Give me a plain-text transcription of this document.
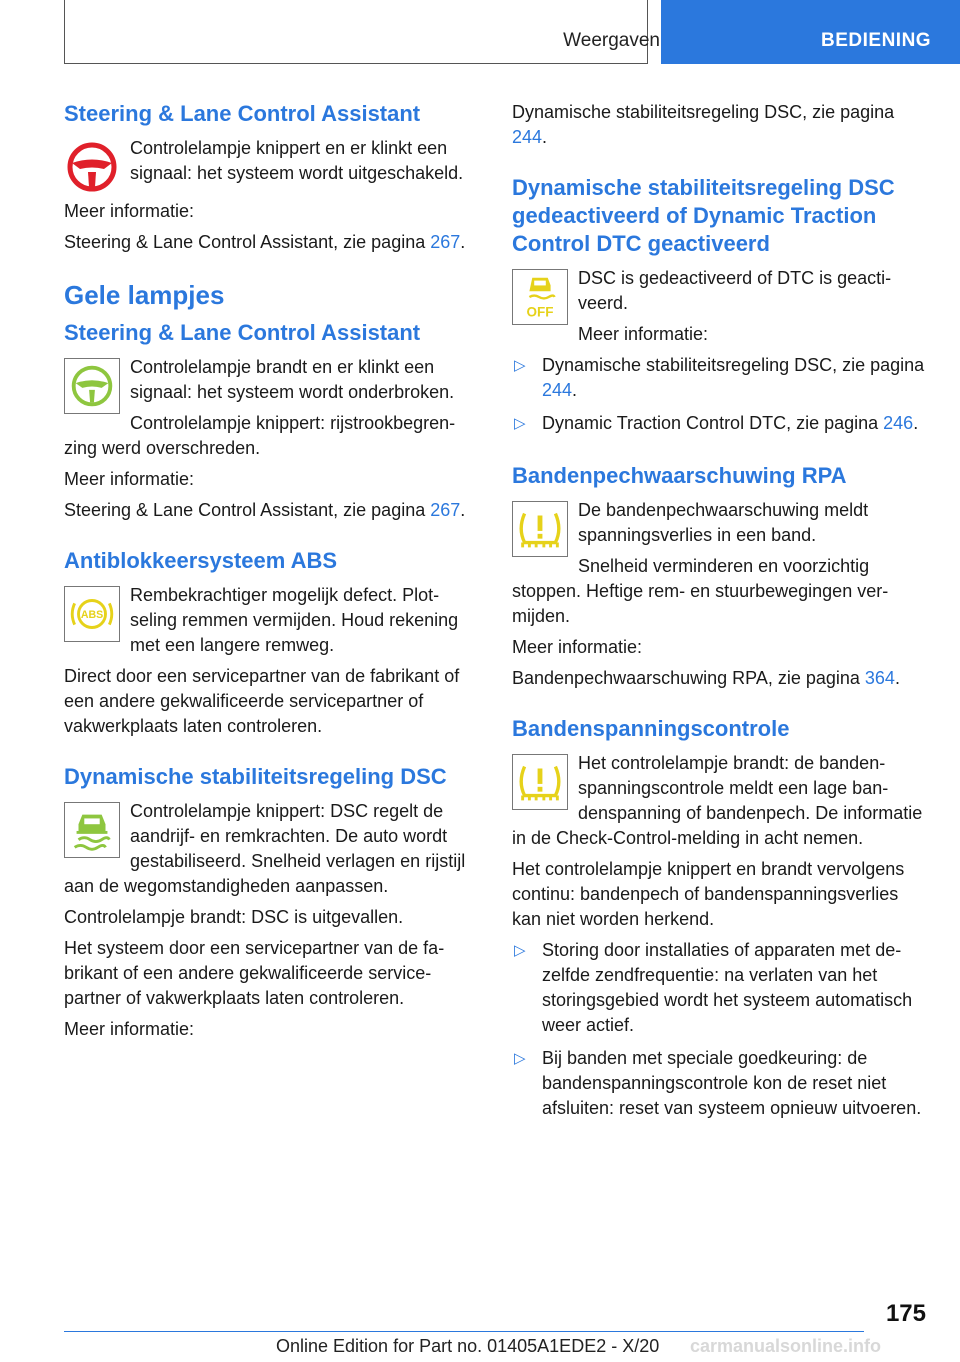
Weergaven	BEDIENING
Steering & Lane Control Assistant

Controlelampje knippert en er klinkt een signaal: het systeem wordt uitgeschakeld.

Meer informatie:

Steering & Lane Control Assistant, zie pagina 267.

Gele lampjes
Steering & Lane Control Assistant

Controlelampje brandt en er klinkt een signaal: het systeem wordt onderbroken.

Controlelampje knippert: rijstrookbegrenzing werd overschreden.

Meer informatie:

Steering & Lane Control Assistant, zie pagina 267.

Antiblokkeersysteem ABS
ABS

Rembekrachtiger mogelijk defect. Plotseling remmen vermijden. Houd rekening met een langere remweg.

Direct door een servicepartner van de fabrikant of een andere gekwalificeerde servicepartner of vakwerkplaats laten controleren.

Dynamische stabiliteitsregeling DSC

Controlelampje knippert: DSC regelt de aandrijf- en remkrachten. De auto wordt gestabiliseerd. Snelheid verlagen en rijstijl aan de wegomstandigheden aanpassen.

Controlelampje brandt: DSC is uitgevallen.

Het systeem door een servicepartner van de fabrikant of een andere gekwalificeerde servicepartner of vakwerkplaats laten controleren.

Meer informatie:

Dynamische stabiliteitsregeling DSC, zie pagina 244.

Dynamische stabiliteitsregeling DSC gedeactiveerd of Dynamic Traction Control DTC geactiveerd
OFF

DSC is gedeactiveerd of DTC is geactiveerd.

Meer informatie:

▷ Dynamische stabiliteitsregeling DSC, zie pagina 244.
▷ Dynamic Traction Control DTC, zie pagina 246.
Bandenpechwaarschuwing RPA

De bandenpechwaarschuwing meldt spanningsverlies in een band.

Snelheid verminderen en voorzichtig stoppen. Heftige rem- en stuurbewegingen vermijden.

Meer informatie:

Bandenpechwaarschuwing RPA, zie pagina 364.

Bandenspanningscontrole

Het controlelampje brandt: de bandenspanningscontrole meldt een lage bandenspanning of bandenpech. De informatie in de Check-Control-melding in acht nemen.

Het controlelampje knippert en brandt vervolgens continu: bandenpech of bandenspanningsverlies kan niet worden herkend.

▷ Storing door installaties of apparaten met dezelfde zendfrequentie: na verlaten van het storingsgebied wordt het systeem automatisch weer actief.
▷ Bij banden met speciale goedkeuring: de bandenspanningscontrole kon de reset niet afsluiten: reset van systeem opnieuw uitvoeren.
175
Online Edition for Part no. 01405A1EDE2 - X/20 carmanualsonline.info
